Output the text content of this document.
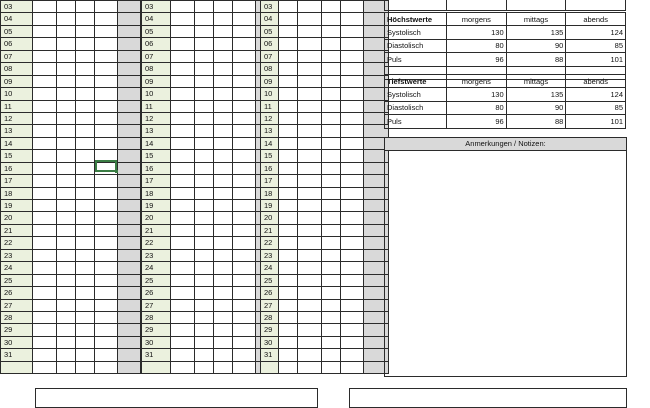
03
04
05
06
07
08
09
10
11
12
13
14
15
16
17
18
19
20
21
22
23
24
25
26
27
28
29
30
31
03
04
05
06
07
08
09
10
11
12
13
14
15
16
17
18
19
20
21
22
23
24
25
26
27
28
29
30
31
03
04
05
06
07
08
09
10
11
12
13
14
15
16
17
18
19
20
21
22
23
24
25
26
27
28
29
30
31

Höchstwerte	morgens	mittags	abends
Systolisch	130	135	124
Diastolisch	80	90	85
Puls	96	88	101

Tiefstwerte	morgens	mittags	abends
Systolisch	130	135	124
Diastolisch	80	90	85
Puls	96	88	101
Anmerkungen / Notizen:
